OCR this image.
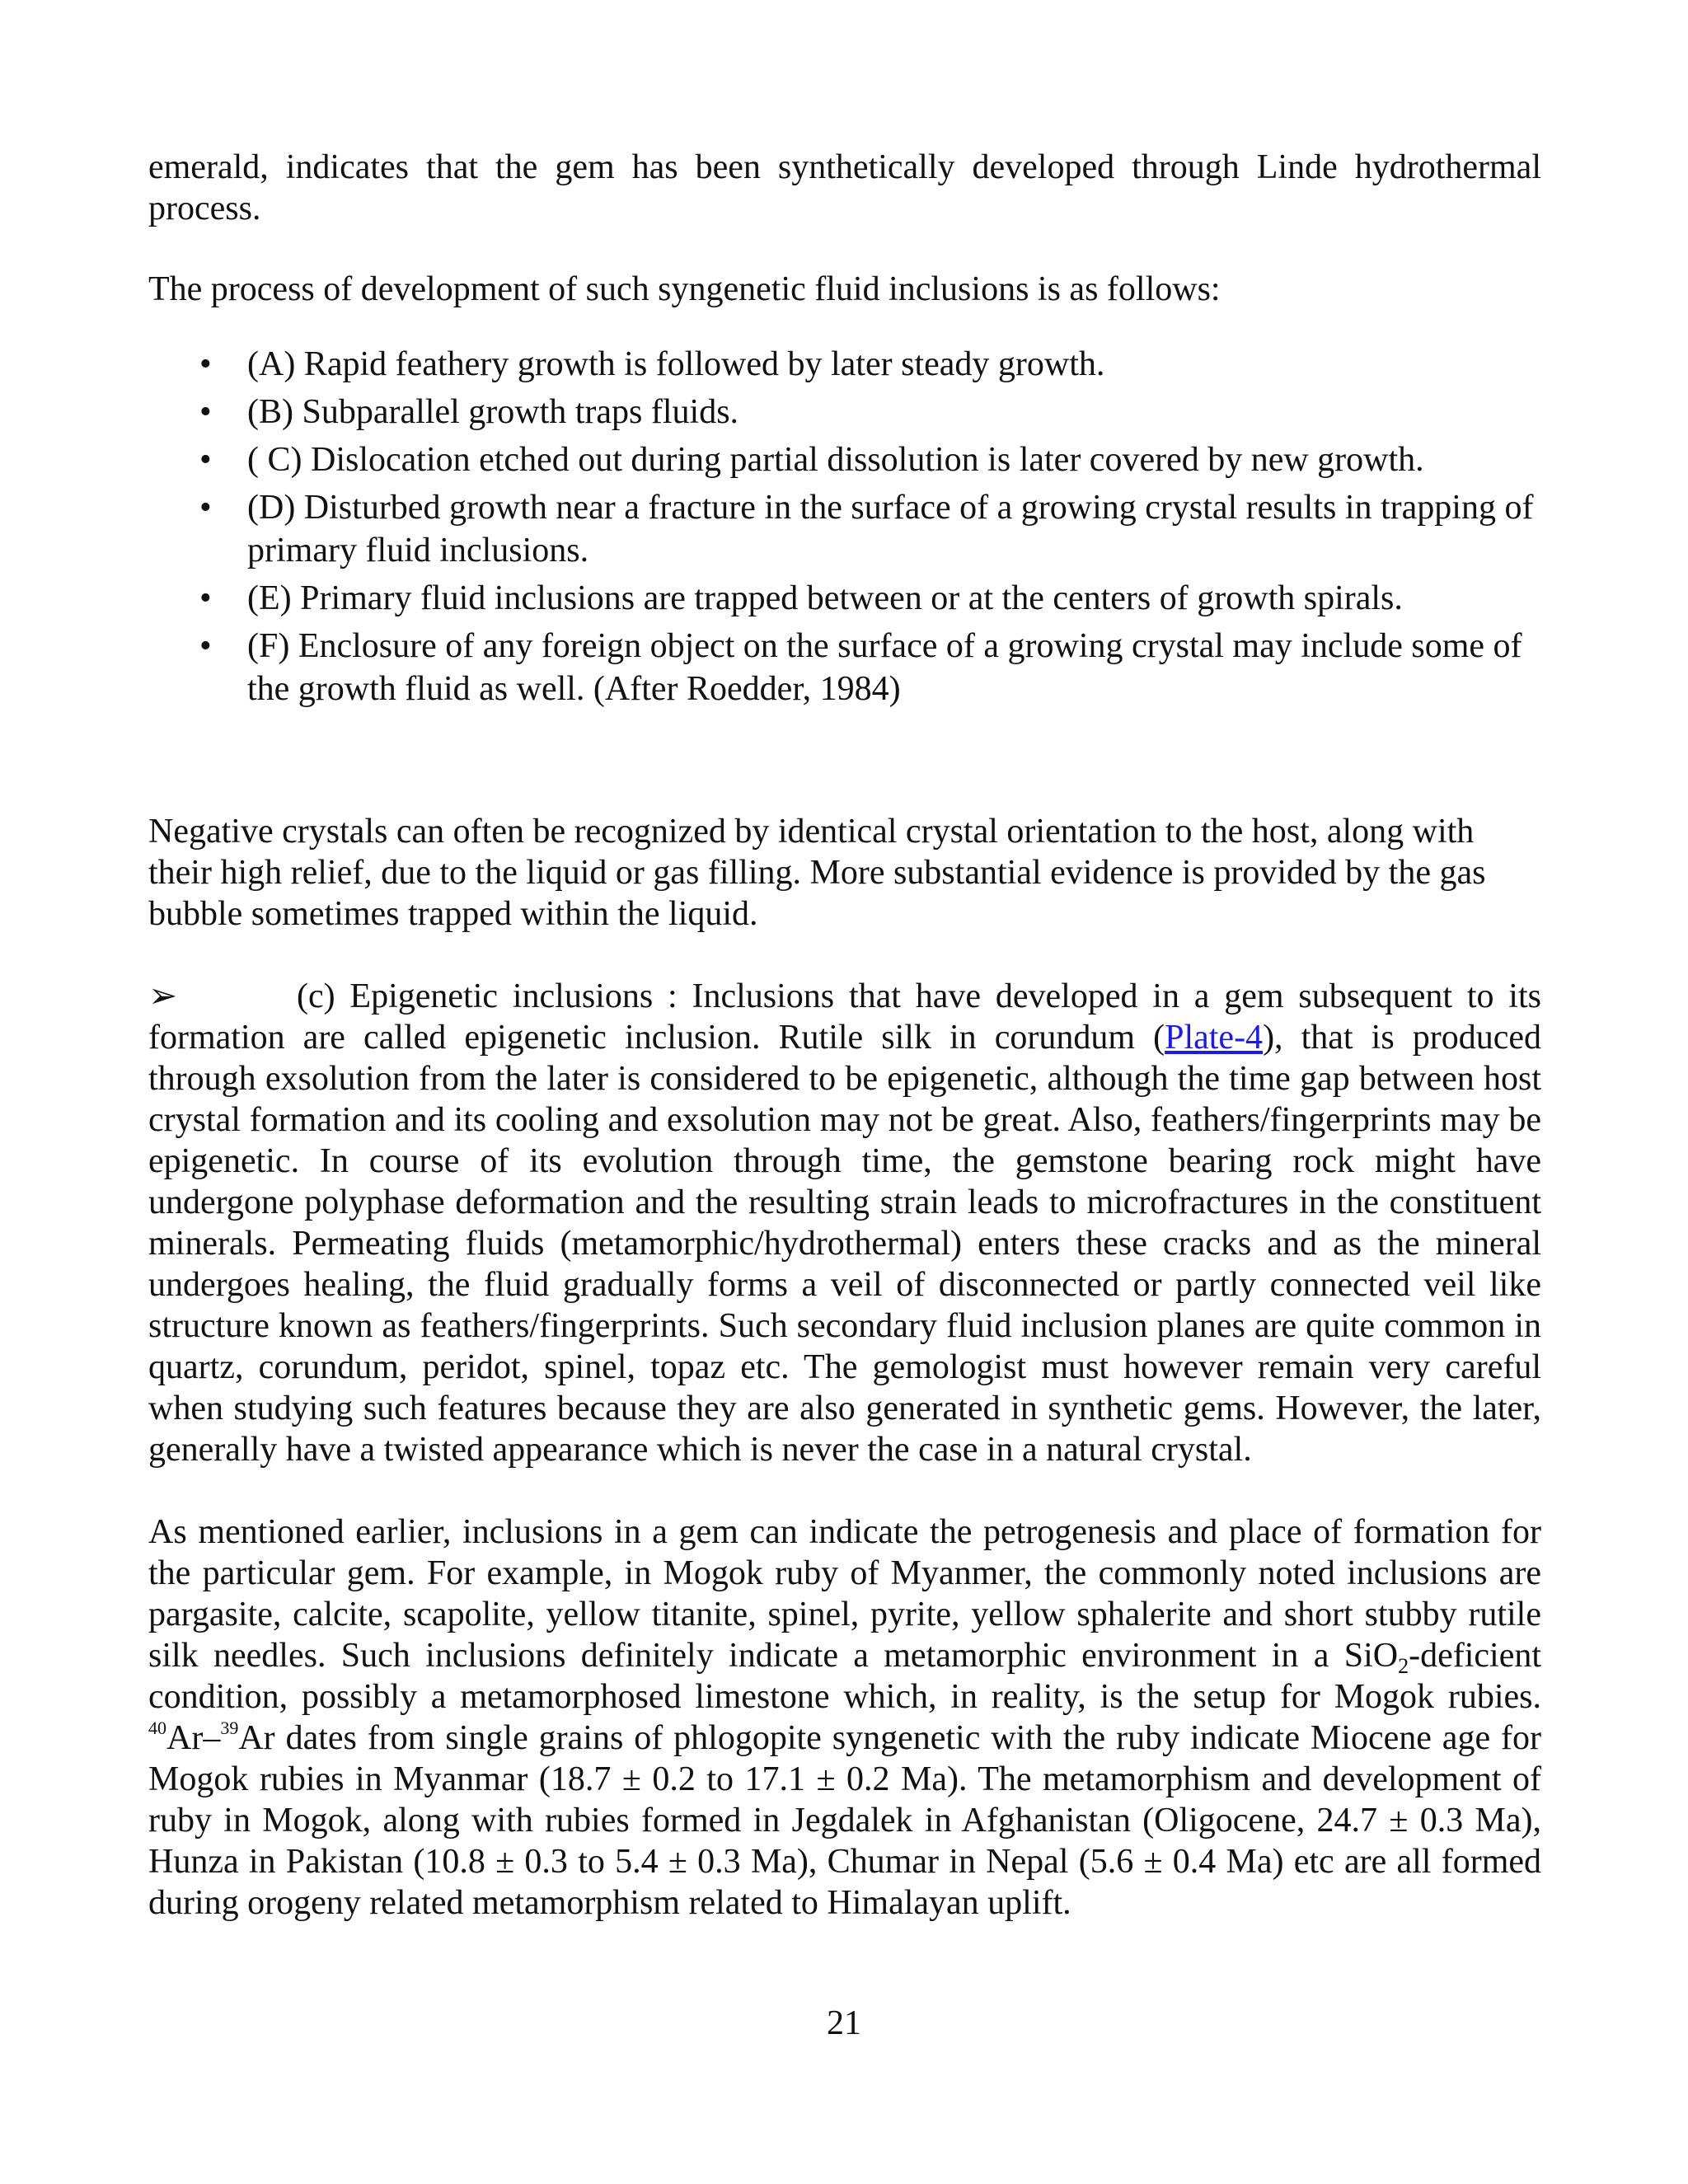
emerald, indicates that the gem has been synthetically developed through Linde hydrothermal process.

The process of development of such syngenetic fluid inclusions is as follows:

• (A) Rapid feathery growth is followed by later steady growth.
• (B) Subparallel growth traps fluids.
• ( C) Dislocation etched out during partial dissolution is later covered by new growth.
• (D) Disturbed growth near a fracture in the surface of a growing crystal results in trapping of primary fluid inclusions.
• (E) Primary fluid inclusions are trapped between or at the centers of growth spirals.
• (F) Enclosure of any foreign object on the surface of a growing crystal may include some of the growth fluid as well. (After Roedder, 1984)

Negative crystals can often be recognized by identical crystal orientation to the host, along with their high relief, due to the liquid or gas filling. More substantial evidence is provided by the gas bubble sometimes trapped within the liquid.

➢	(c) Epigenetic inclusions : Inclusions that have developed in a gem subsequent to its formation are called epigenetic inclusion. Rutile silk in corundum (Plate-4), that is produced through exsolution from the later is considered to be epigenetic, although the time gap between host crystal formation and its cooling and exsolution may not be great. Also, feathers/fingerprints may be epigenetic. In course of its evolution through time, the gemstone bearing rock might have undergone polyphase deformation and the resulting strain leads to microfractures in the constituent minerals. Permeating fluids (metamorphic/hydrothermal) enters these cracks and as the mineral undergoes healing, the fluid gradually forms a veil of disconnected or partly connected veil like structure known as feathers/fingerprints. Such secondary fluid inclusion planes are quite common in quartz, corundum, peridot, spinel, topaz etc. The gemologist must however remain very careful when studying such features because they are also generated in synthetic gems. However, the later, generally have a twisted appearance which is never the case in a natural crystal.

As mentioned earlier, inclusions in a gem can indicate the petrogenesis and place of formation for the particular gem. For example, in Mogok ruby of Myanmer, the commonly noted inclusions are pargasite, calcite, scapolite, yellow titanite, spinel, pyrite, yellow sphalerite and short stubby rutile silk needles. Such inclusions definitely indicate a metamorphic environment in a SiO$_2$-deficient condition, possibly a metamorphosed limestone which, in reality, is the setup for Mogok rubies. $^{40}$Ar–$^{39}$Ar dates from single grains of phlogopite syngenetic with the ruby indicate Miocene age for Mogok rubies in Myanmar (18.7 ± 0.2 to 17.1 ± 0.2 Ma). The metamorphism and development of ruby in Mogok, along with rubies formed in Jegdalek in Afghanistan (Oligocene, 24.7 ± 0.3 Ma), Hunza in Pakistan (10.8 ± 0.3 to 5.4 ± 0.3 Ma), Chumar in Nepal (5.6 ± 0.4 Ma) etc are all formed during orogeny related metamorphism related to Himalayan uplift.

21
